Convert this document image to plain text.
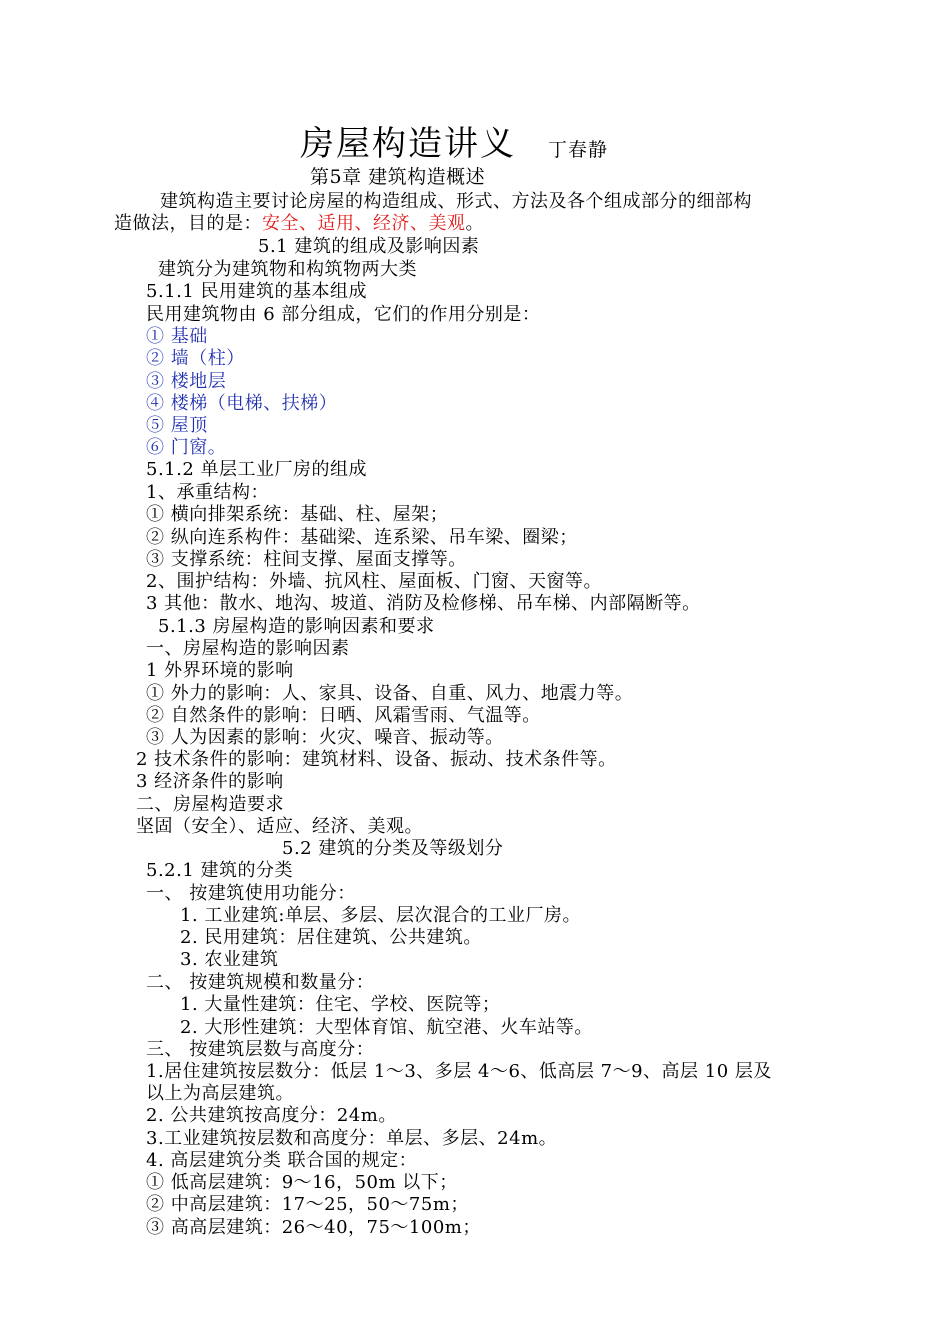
房屋构造讲义 丁春静
第5章 建筑构造概述
建筑构造主要讨论房屋的构造组成、形式、方法及各个组成部分的细部构
造做法，目的是：安全、适用、经济、美观。
5.1 建筑的组成及影响因素
建筑分为建筑物和构筑物两大类
5.1.1 民用建筑的基本组成
民用建筑物由 6 部分组成，它们的作用分别是：
① 基础
② 墙（柱）
③ 楼地层
④ 楼梯（电梯、扶梯）
⑤ 屋顶
⑥ 门窗。
5.1.2 单层工业厂房的组成
1、承重结构：
① 横向排架系统：基础、柱、屋架；
② 纵向连系构件：基础梁、连系梁、吊车梁、圈梁；
③ 支撑系统：柱间支撑、屋面支撑等。
2、围护结构：外墙、抗风柱、屋面板、门窗、天窗等。
3 其他：散水、地沟、坡道、消防及检修梯、吊车梯、内部隔断等。
5.1.3 房屋构造的影响因素和要求
一、房屋构造的影响因素
1 外界环境的影响
① 外力的影响：人、家具、设备、自重、风力、地震力等。
② 自然条件的影响：日晒、风霜雪雨、气温等。
③ 人为因素的影响：火灾、噪音、振动等。
2 技术条件的影响：建筑材料、设备、振动、技术条件等。
3 经济条件的影响
二、房屋构造要求
坚固（安全）、适应、经济、美观。
5.2 建筑的分类及等级划分
5.2.1 建筑的分类
一、 按建筑使用功能分：
1. 工业建筑:单层、多层、层次混合的工业厂房。
2. 民用建筑：居住建筑、公共建筑。
3. 农业建筑
二、 按建筑规模和数量分：
1. 大量性建筑：住宅、学校、医院等；
2. 大形性建筑：大型体育馆、航空港、火车站等。
三、 按建筑层数与高度分：
1.居住建筑按层数分：低层 1～3、多层 4～6、低高层 7～9、高层 10 层及
以上为高层建筑。
2. 公共建筑按高度分：24m。
3.工业建筑按层数和高度分：单层、多层、24m。
4. 高层建筑分类 联合国的规定：
① 低高层建筑：9～16，50m 以下；
② 中高层建筑：17～25，50～75m；
③ 高高层建筑：26～40，75～100m；
